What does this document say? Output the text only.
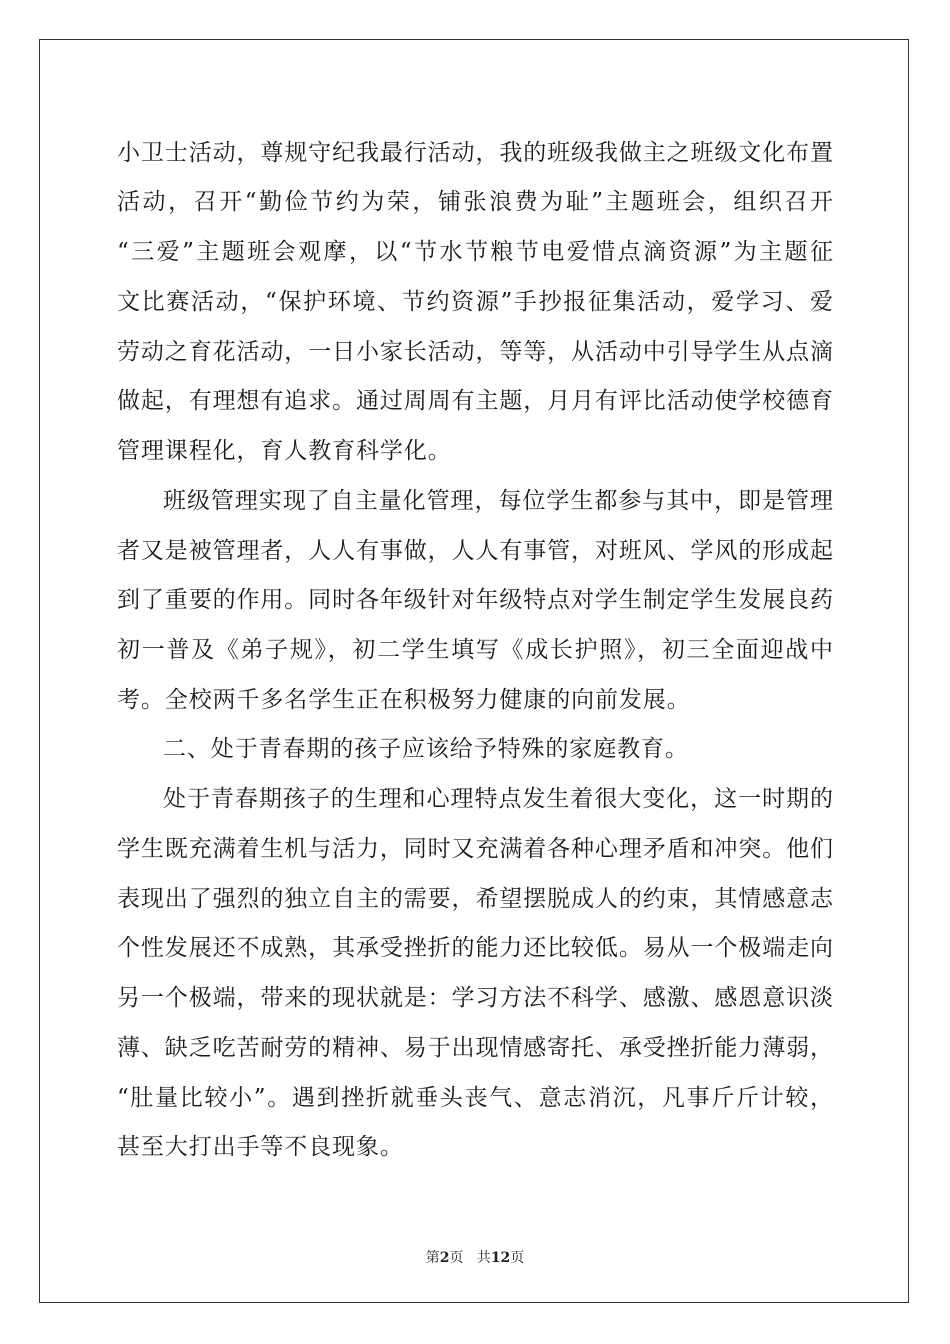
小卫士活动，尊规守纪我最行活动，我的班级我做主之班级文化布置
活动，召开“勤俭节约为荣，铺张浪费为耻”主题班会，组织召开
“三爱”主题班会观摩，以“节水节粮节电爱惜点滴资源”为主题征
文比赛活动，“保护环境、节约资源”手抄报征集活动，爱学习、爱
劳动之育花活动，一日小家长活动，等等，从活动中引导学生从点滴
做起，有理想有追求。通过周周有主题，月月有评比活动使学校德育
管理课程化，育人教育科学化。
班级管理实现了自主量化管理，每位学生都参与其中，即是管理
者又是被管理者，人人有事做，人人有事管，对班风、学风的形成起
到了重要的作用。同时各年级针对年级特点对学生制定学生发展良药
初一普及《弟子规》，初二学生填写《成长护照》，初三全面迎战中
考。全校两千多名学生正在积极努力健康的向前发展。
二、处于青春期的孩子应该给予特殊的家庭教育。
处于青春期孩子的生理和心理特点发生着很大变化，这一时期的
学生既充满着生机与活力，同时又充满着各种心理矛盾和冲突。他们
表现出了强烈的独立自主的需要，希望摆脱成人的约束，其情感意志
个性发展还不成熟，其承受挫折的能力还比较低。易从一个极端走向
另一个极端，带来的现状就是：学习方法不科学、感激、感恩意识淡
薄、缺乏吃苦耐劳的精神、易于出现情感寄托、承受挫折能力薄弱，
“肚量比较小”。遇到挫折就垂头丧气、意志消沉，凡事斤斤计较，
甚至大打出手等不良现象。
第2页 共12页
